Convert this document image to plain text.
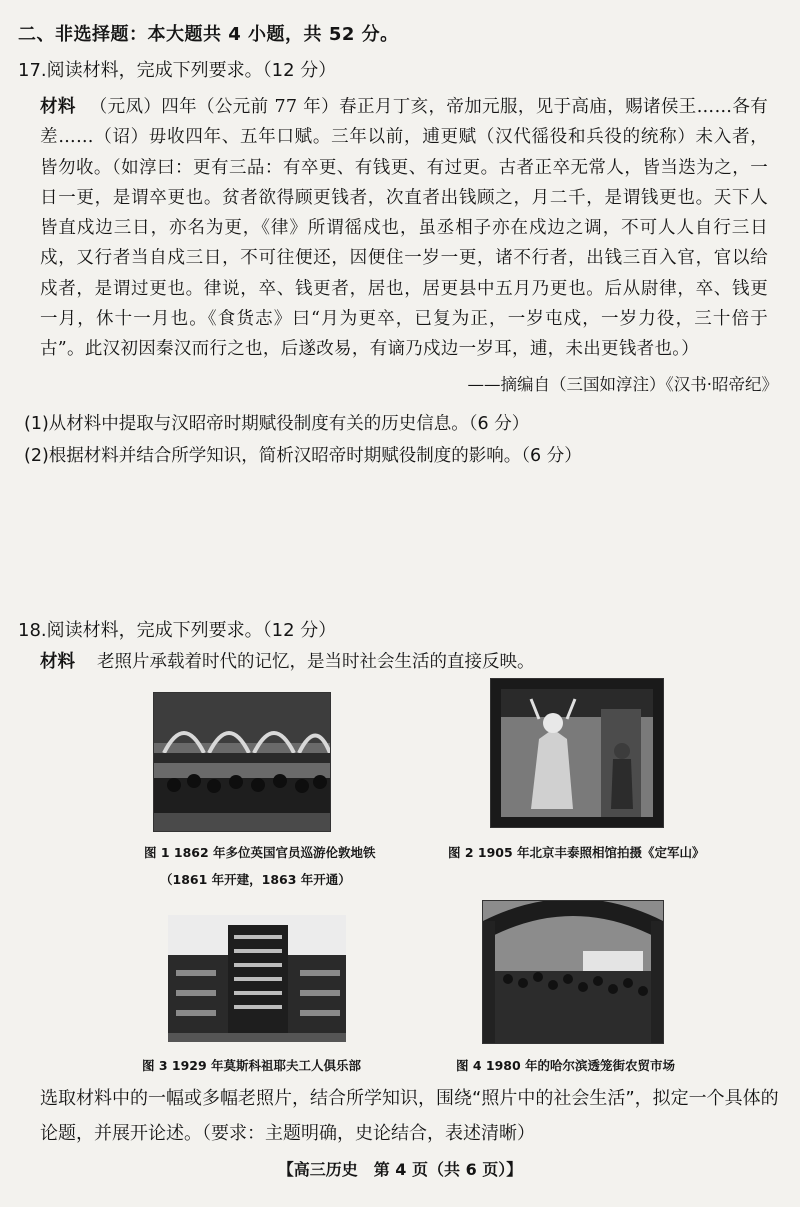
二、非选择题：本大题共 4 小题，共 52 分。
17.阅读材料，完成下列要求。（12 分）
材料 （元凤）四年（公元前 77 年）春正月丁亥，帝加元服，见于高庙，赐诸侯王……各有差……（诏）毋收四年、五年口赋。三年以前，逋更赋（汉代徭役和兵役的统称）未入者，皆勿收。（如淳曰：更有三品：有卒更、有钱更、有过更。古者正卒无常人，皆当迭为之，一日一更，是谓卒更也。贫者欲得顾更钱者，次直者出钱顾之，月二千，是谓钱更也。天下人皆直戍边三日，亦名为更，《律》所谓徭戍也，虽丞相子亦在戍边之调，不可人人自行三日戍，又行者当自戍三日，不可往便还，因便住一岁一更，诸不行者，出钱三百入官，官以给戍者，是谓过更也。律说，卒、钱更者，居也，居更县中五月乃更也。后从尉律，卒、钱更一月，休十一月也。《食货志》曰“月为更卒，已复为正，一岁屯戍，一岁力役，三十倍于古”。此汉初因秦汉而行之也，后遂改易，有谪乃戍边一岁耳，逋，未出更钱者也。）
——摘编自（三国如淳注）《汉书·昭帝纪》
(1)从材料中提取与汉昭帝时期赋役制度有关的历史信息。（6 分）
(2)根据材料并结合所学知识，简析汉昭帝时期赋役制度的影响。（6 分）
18.阅读材料，完成下列要求。（12 分）
材料 老照片承载着时代的记忆，是当时社会生活的直接反映。
图 1 1862 年多位英国官员巡游伦敦地铁
（1861 年开建，1863 年开通）
图 2 1905 年北京丰泰照相馆拍摄《定军山》
图 3 1929 年莫斯科祖耶夫工人俱乐部	图 4 1980 年的哈尔滨透笼街农贸市场
选取材料中的一幅或多幅老照片，结合所学知识，围绕“照片中的社会生活”，拟定一个具体的论题，并展开论述。（要求：主题明确，史论结合，表述清晰）
【高三历史　第 4 页（共 6 页）】
